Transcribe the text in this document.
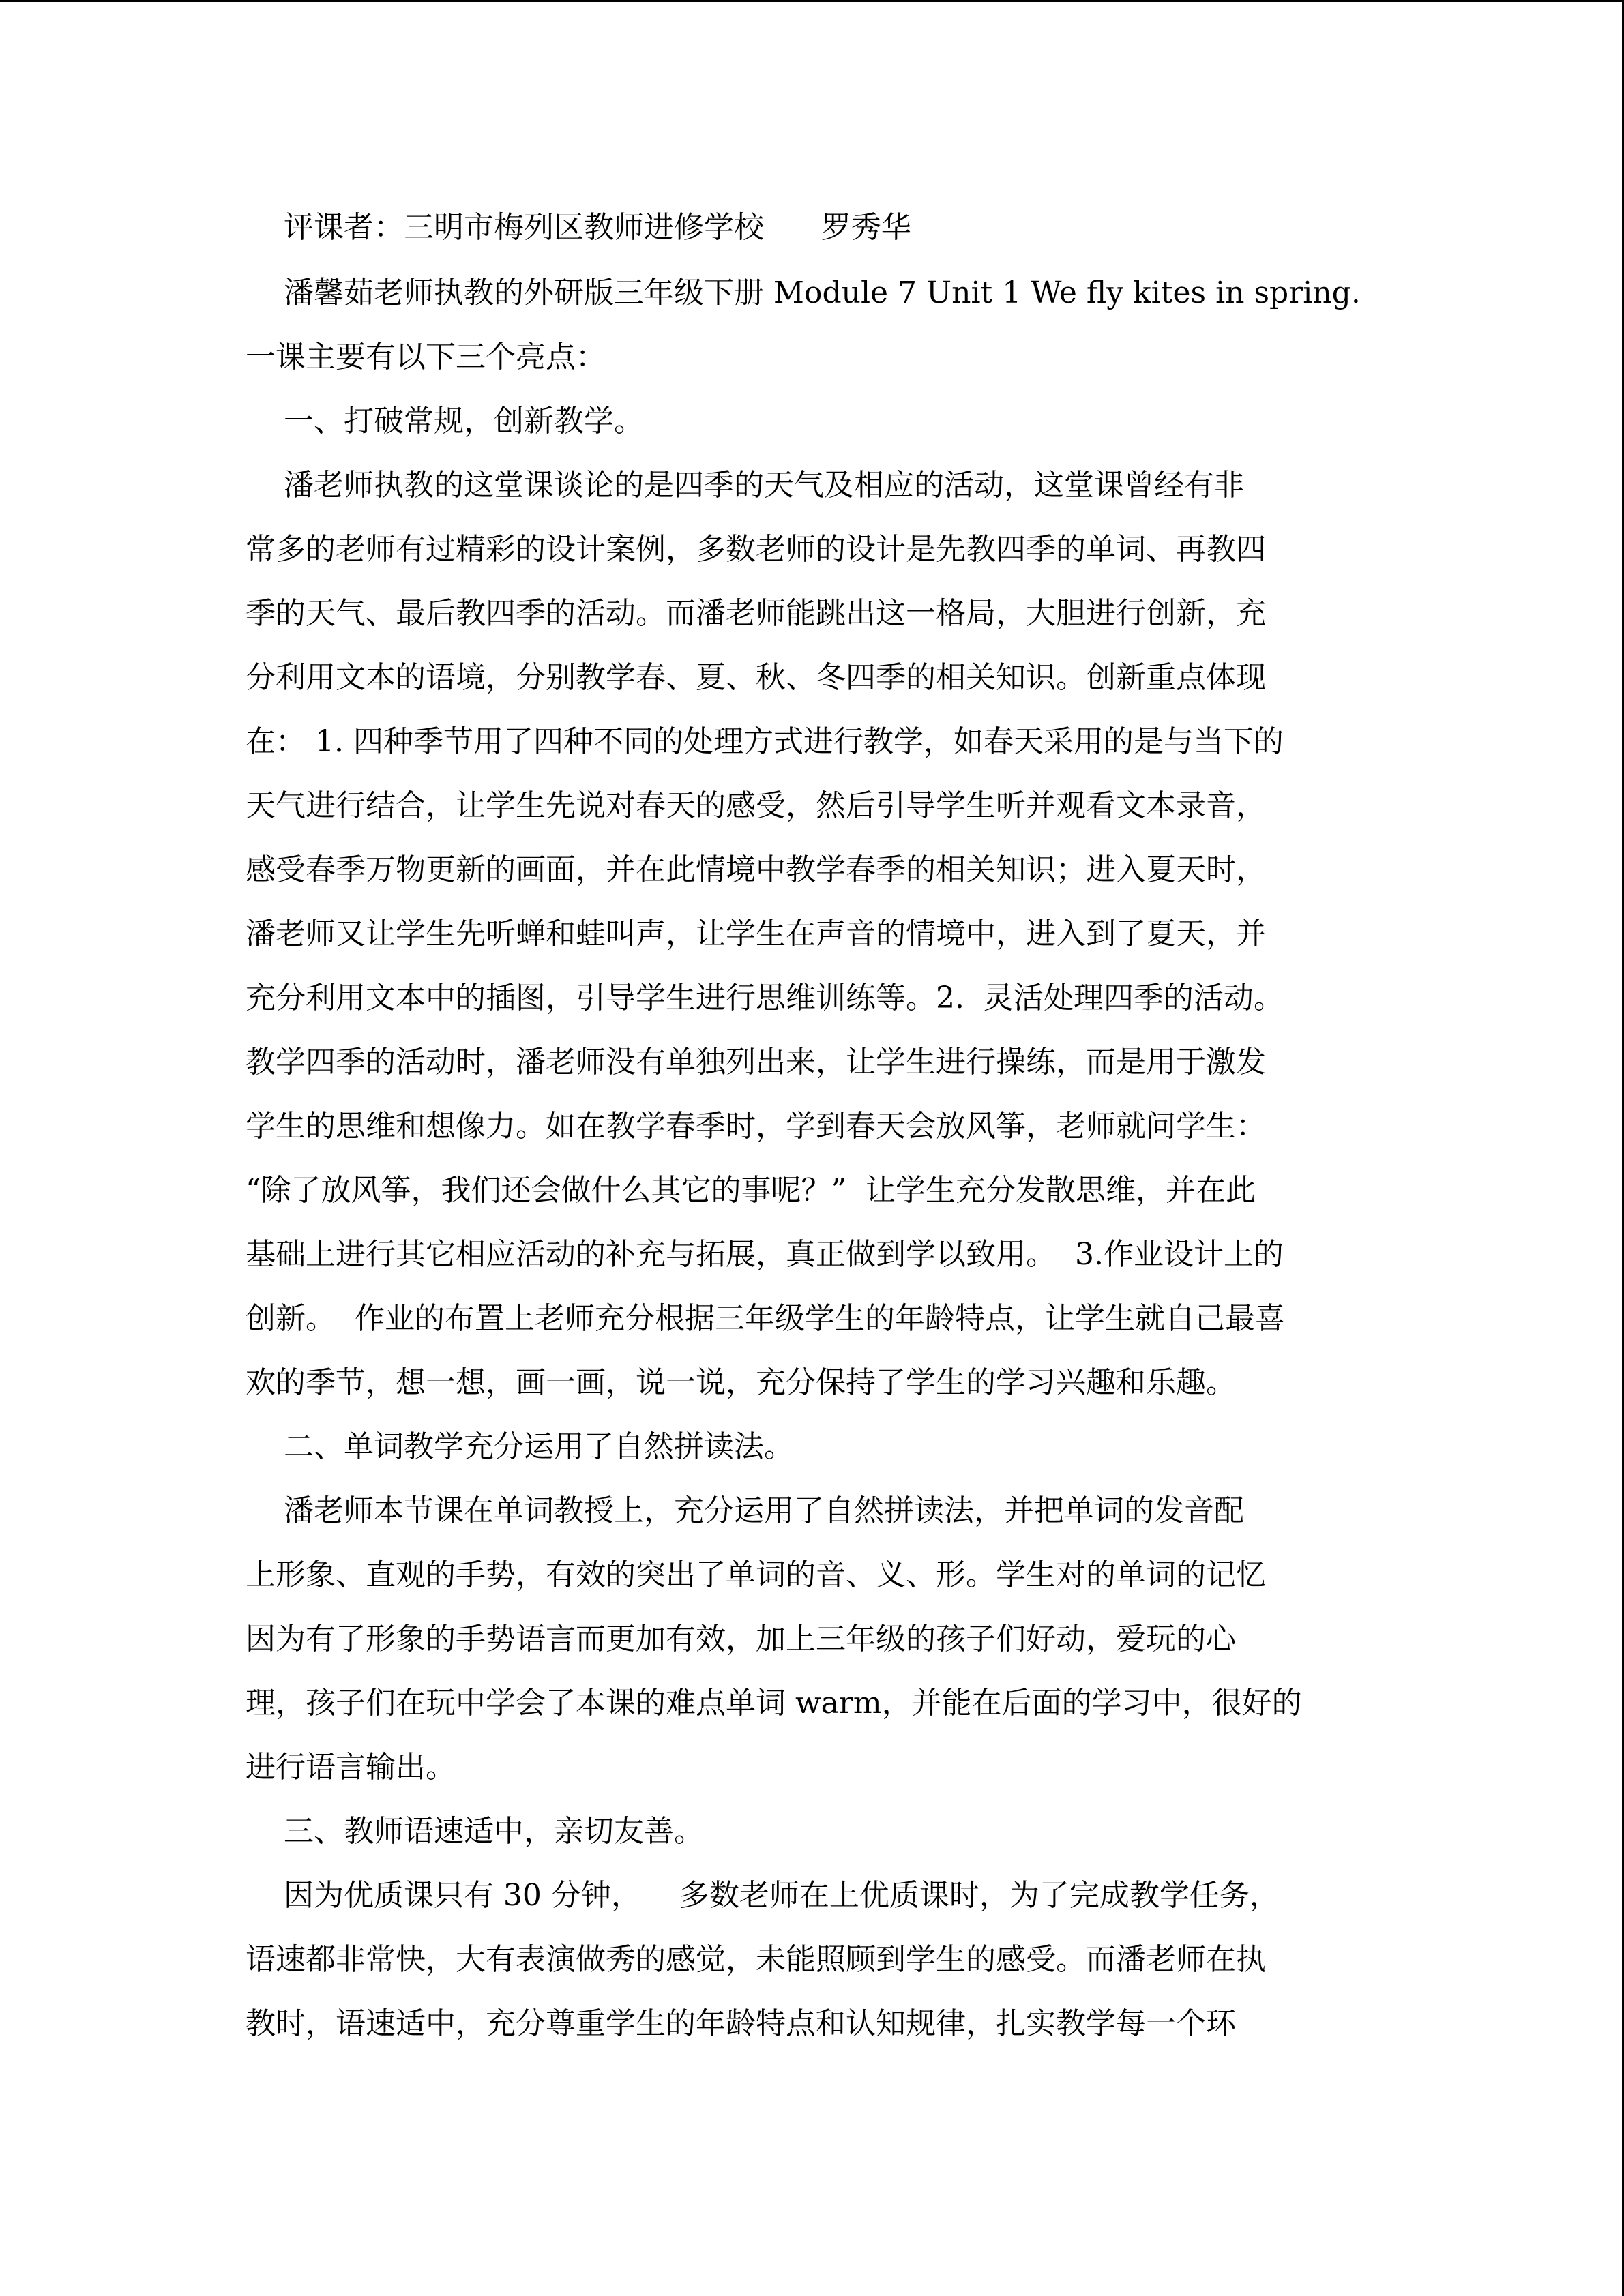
评课者：三明市梅列区教师进修学校      罗秀华

潘馨茹老师执教的外研版三年级下册 Module 7 Unit 1 We fly kites in spring.

一课主要有以下三个亮点：

一、打破常规，创新教学。

潘老师执教的这堂课谈论的是四季的天气及相应的活动，这堂课曾经有非

常多的老师有过精彩的设计案例，多数老师的设计是先教四季的单词、再教四

季的天气、最后教四季的活动。而潘老师能跳出这一格局，大胆进行创新，充

分利用文本的语境，分别教学春、夏、秋、冬四季的相关知识。创新重点体现

在： 1. 四种季节用了四种不同的处理方式进行教学，如春天采用的是与当下的

天气进行结合，让学生先说对春天的感受，然后引导学生听并观看文本录音，

感受春季万物更新的画面，并在此情境中教学春季的相关知识；进入夏天时，

潘老师又让学生先听蝉和蛙叫声，让学生在声音的情境中，进入到了夏天，并

充分利用文本中的插图，引导学生进行思维训练等。2.  灵活处理四季的活动。

教学四季的活动时，潘老师没有单独列出来，让学生进行操练，而是用于激发

学生的思维和想像力。如在教学春季时，学到春天会放风筝，老师就问学生：

“除了放风筝，我们还会做什么其它的事呢？”  让学生充分发散思维，并在此

基础上进行其它相应活动的补充与拓展，真正做到学以致用。  3.作业设计上的

创新。  作业的布置上老师充分根据三年级学生的年龄特点，让学生就自己最喜

欢的季节，想一想，画一画，说一说，充分保持了学生的学习兴趣和乐趣。

二、单词教学充分运用了自然拼读法。

潘老师本节课在单词教授上，充分运用了自然拼读法，并把单词的发音配

上形象、直观的手势，有效的突出了单词的音、义、形。学生对的单词的记忆

因为有了形象的手势语言而更加有效，加上三年级的孩子们好动，爱玩的心

理，孩子们在玩中学会了本课的难点单词 warm，并能在后面的学习中，很好的

进行语言输出。

三、教师语速适中，亲切友善。

因为优质课只有 30 分钟，    多数老师在上优质课时，为了完成教学任务，

语速都非常快，大有表演做秀的感觉，未能照顾到学生的感受。而潘老师在执

教时，语速适中，充分尊重学生的年龄特点和认知规律，扎实教学每一个环
